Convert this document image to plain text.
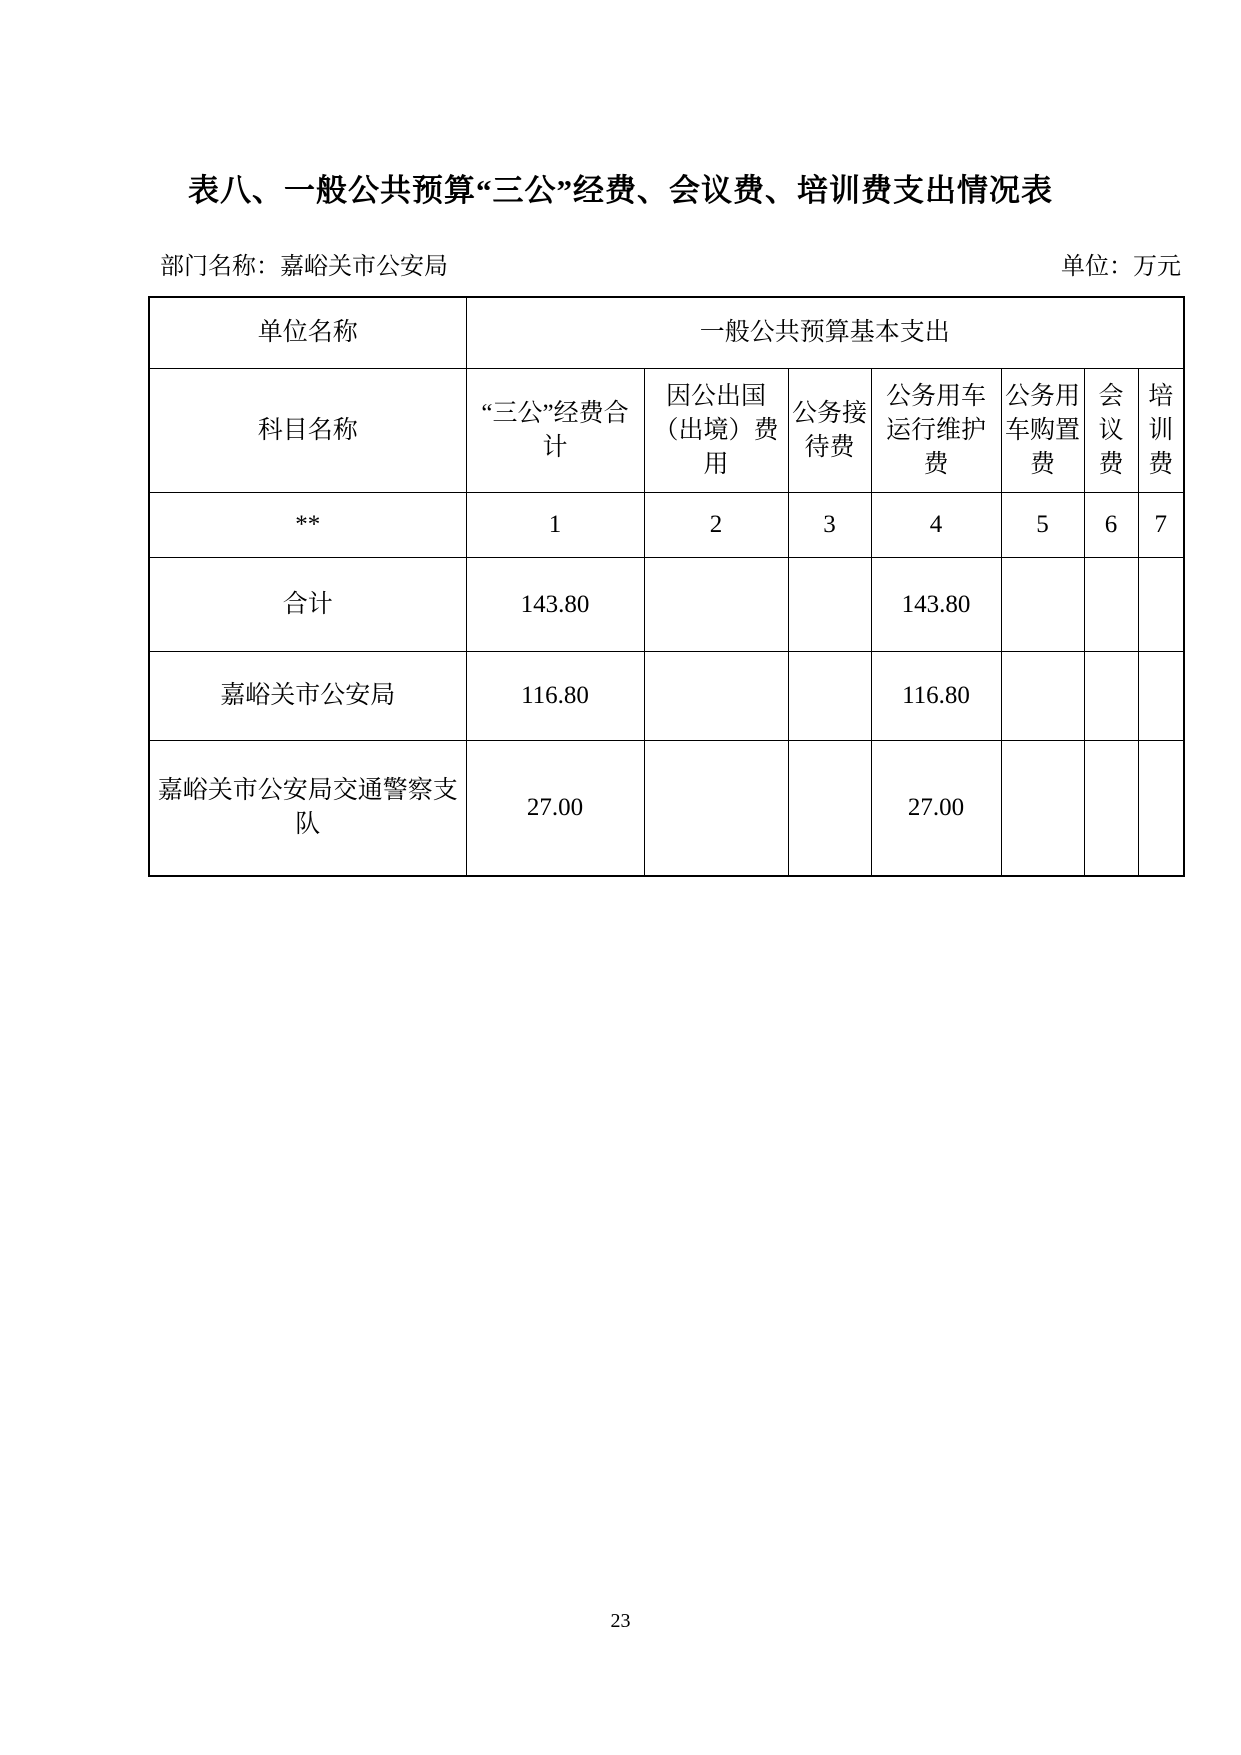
表八、一般公共预算“三公”经费、会议费、培训费支出情况表
部门名称：嘉峪关市公安局	单位：万元
单位名称	一般公共预算基本支出						
科目名称	“三公”经费合计	因公出国（出境）费用	公务接待费	公务用车运行维护费	公务用车购置费	会议费	培训费
**	1	2	3	4	5	6	7
合计	143.80			143.80			
嘉峪关市公安局	116.80			116.80			
嘉峪关市公安局交通警察支队	27.00			27.00			
23
